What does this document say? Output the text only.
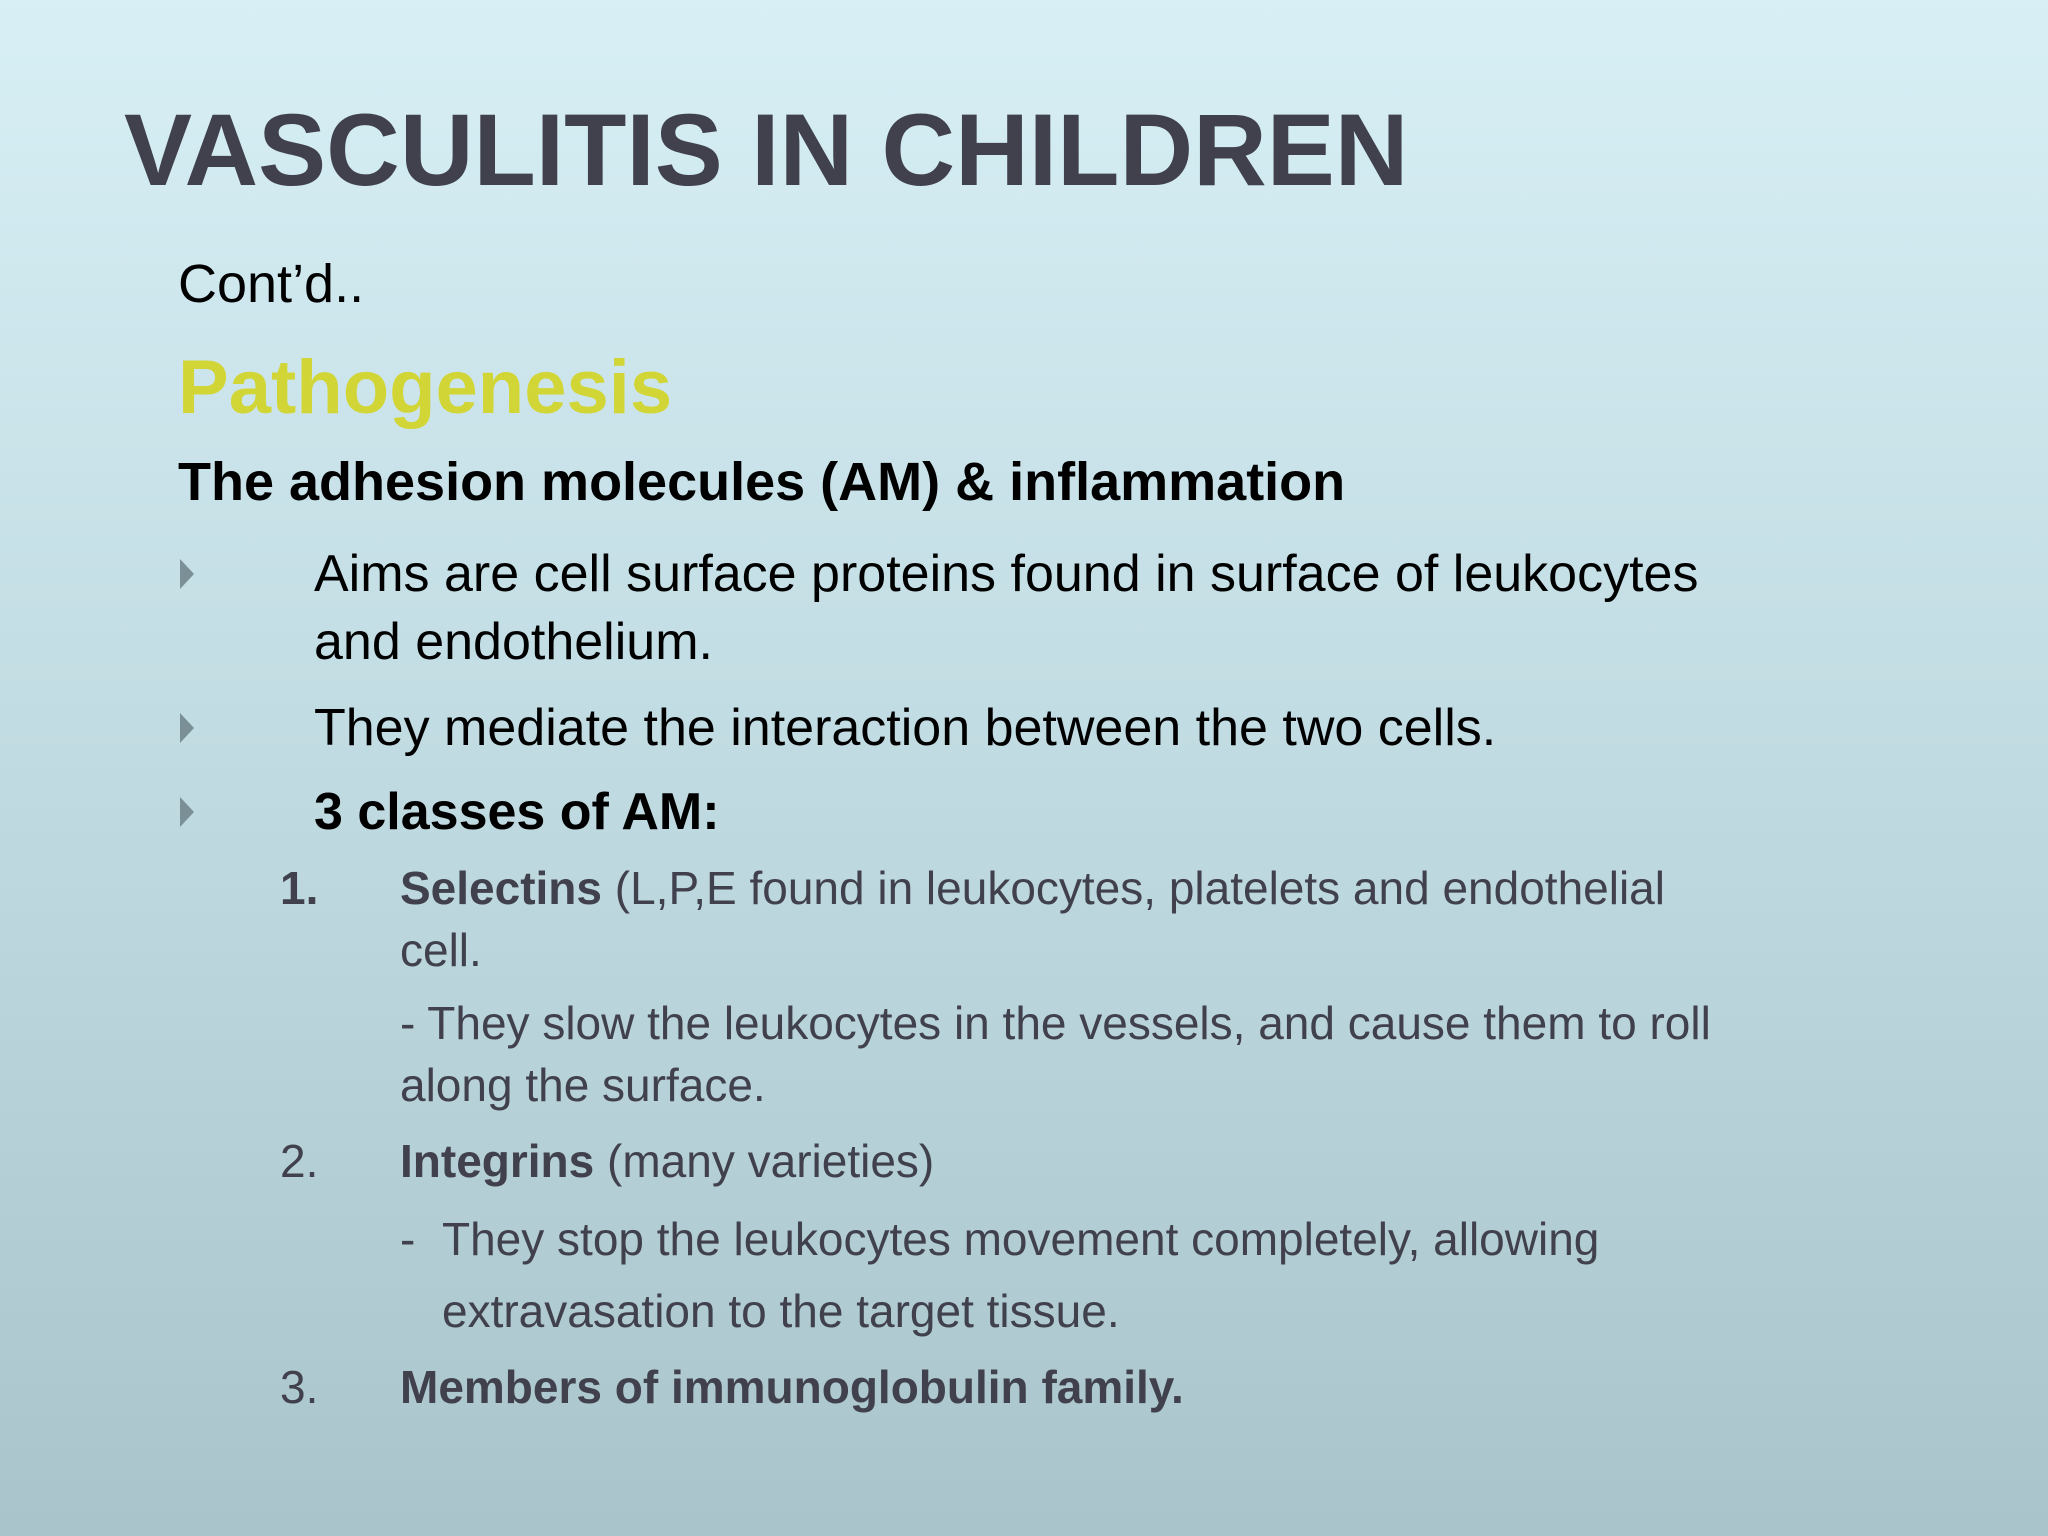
VASCULITIS IN CHILDREN
Cont’d..
Pathogenesis
The adhesion molecules (AM) & inflammation
Aims are cell surface proteins found in surface of leukocytes
and endothelium.
They mediate the interaction between the two cells.
3 classes of AM:
1. Selectins (L,P,E found in leukocytes, platelets and endothelial
cell.
- They slow the leukocytes in the vessels, and cause them to roll
along the surface.
2. Integrins (many varieties)
- They stop the leukocytes movement completely, allowing
extravasation to the target tissue.
3. Members of immunoglobulin family.
